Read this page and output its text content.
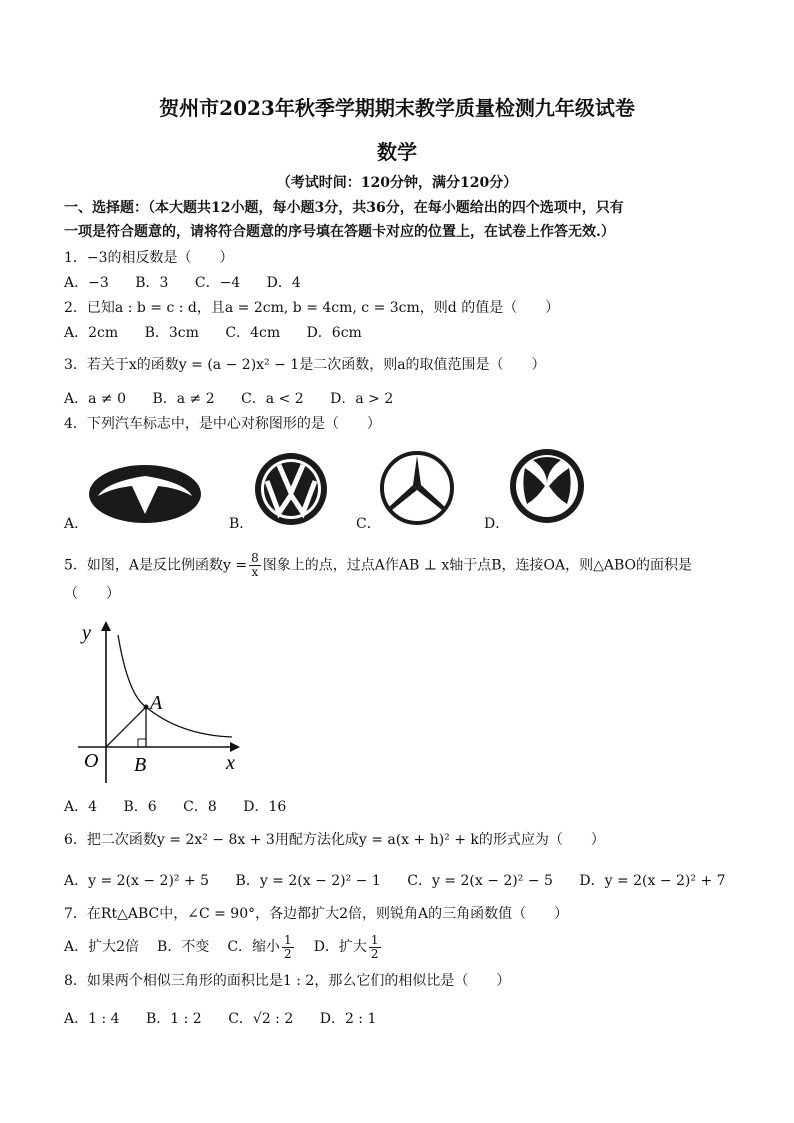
贺州市2023年秋季学期期末教学质量检测九年级试卷
数学
（考试时间：120分钟，满分120分）
一、选择题：（本大题共12小题，每小题3分，共36分，在每小题给出的四个选项中，只有
一项是符合题意的，请将符合题意的序号填在答题卡对应的位置上，在试卷上作答无效.）
1．−3的相反数是（　　）
A．−3 B．3 C．−4 D．4
2．已知a : b = c : d，且a = 2cm, b = 4cm, c = 3cm，则d 的值是（　　）
A．2cm B．3cm C．4cm D．6cm
3．若关于x的函数y = (a − 2)x² − 1是二次函数，则a的取值范围是（　　）
A．a ≠ 0 B．a ≠ 2 C．a < 2 D．a > 2
4．下列汽车标志中，是中心对称图形的是（　　）
A．	B．	C．	D．
5．如图，A是反比例函数$y = \frac{8}{x}$ 图象上的点，过点A作AB ⊥ x轴于点B，连接OA，则△ABO的面积是
（　　）
y
x
O
A
B
A．4 B．6 C．8 D．16
6．把二次函数y = 2x² − 8x + 3用配方法化成y = a(x + h)² + k的形式应为（　　）
A．y = 2(x − 2)² + 5 B．y = 2(x − 2)² − 1 C．y = 2(x − 2)² − 5 D．y = 2(x − 2)² + 7
7．在Rt△ABC中，∠C = 90°，各边都扩大2倍，则锐角A的三角函数值（　　）
A．扩大2倍 B．不变 C．缩小 $\frac{1}{2}$ D．扩大 $\frac{1}{2}$
8．如果两个相似三角形的面积比是1 : 2，那么它们的相似比是（　　）
A．1 : 4 B．1 : 2 C．√2 : 2 D．2 : 1
